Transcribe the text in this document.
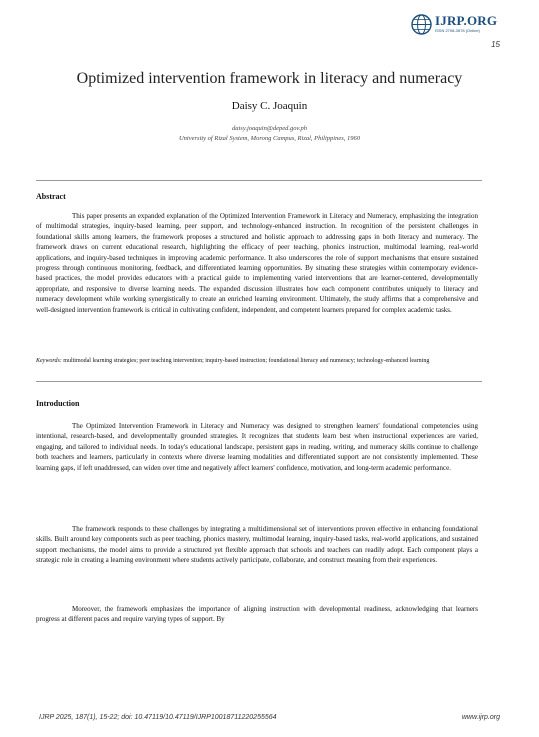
IJRP.ORG
ISSN 2708-3578 (Online)
15
Optimized intervention framework in literacy and numeracy
Daisy C. Joaquin
daisy.joaquin@deped.gov.ph
University of Rizal System, Morong Campus, Rizal, Philippines, 1960
Abstract

This paper presents an expanded explanation of the Optimized Intervention Framework in Literacy and Numeracy, emphasizing the integration of multimodal strategies, inquiry-based learning, peer support, and technology-enhanced instruction. In recognition of the persistent challenges in foundational skills among learners, the framework proposes a structured and holistic approach to addressing gaps in both literacy and numeracy. The framework draws on current educational research, highlighting the efficacy of peer teaching, phonics instruction, multimodal learning, real-world applications, and inquiry-based techniques in improving academic performance. It also underscores the role of support mechanisms that ensure sustained progress through continuous monitoring, feedback, and differentiated learning opportunities. By situating these strategies within contemporary evidence-based practices, the model provides educators with a practical guide to implementing varied interventions that are learner-centered, developmentally appropriate, and responsive to diverse learning needs. The expanded discussion illustrates how each component contributes uniquely to literacy and numeracy development while working synergistically to create an enriched learning environment. Ultimately, the study affirms that a comprehensive and well-designed intervention framework is critical in cultivating confident, independent, and competent learners prepared for complex academic tasks.

Keywords: multimodal learning strategies; peer teaching intervention; inquiry-based instruction; foundational literacy and numeracy; technology-enhanced learning
Introduction

The Optimized Intervention Framework in Literacy and Numeracy was designed to strengthen learners' foundational competencies using intentional, research-based, and developmentally grounded strategies. It recognizes that students learn best when instructional experiences are varied, engaging, and tailored to individual needs. In today's educational landscape, persistent gaps in reading, writing, and numeracy skills continue to challenge both teachers and learners, particularly in contexts where diverse learning modalities and differentiated support are not consistently implemented. These learning gaps, if left unaddressed, can widen over time and negatively affect learners' confidence, motivation, and long-term academic performance.

The framework responds to these challenges by integrating a multidimensional set of interventions proven effective in enhancing foundational skills. Built around key components such as peer teaching, phonics mastery, multimodal learning, inquiry-based tasks, real-world applications, and sustained support mechanisms, the model aims to provide a structured yet flexible approach that schools and teachers can readily adopt. Each component plays a strategic role in creating a learning environment where students actively participate, collaborate, and construct meaning from their experiences.

Moreover, the framework emphasizes the importance of aligning instruction with developmental readiness, acknowledging that learners progress at different paces and require varying types of support. By

IJRP 2025, 187(1), 15-22; doi: 10.47119/10.47119/IJRP1001871122025556​4	www.ijrp.org
